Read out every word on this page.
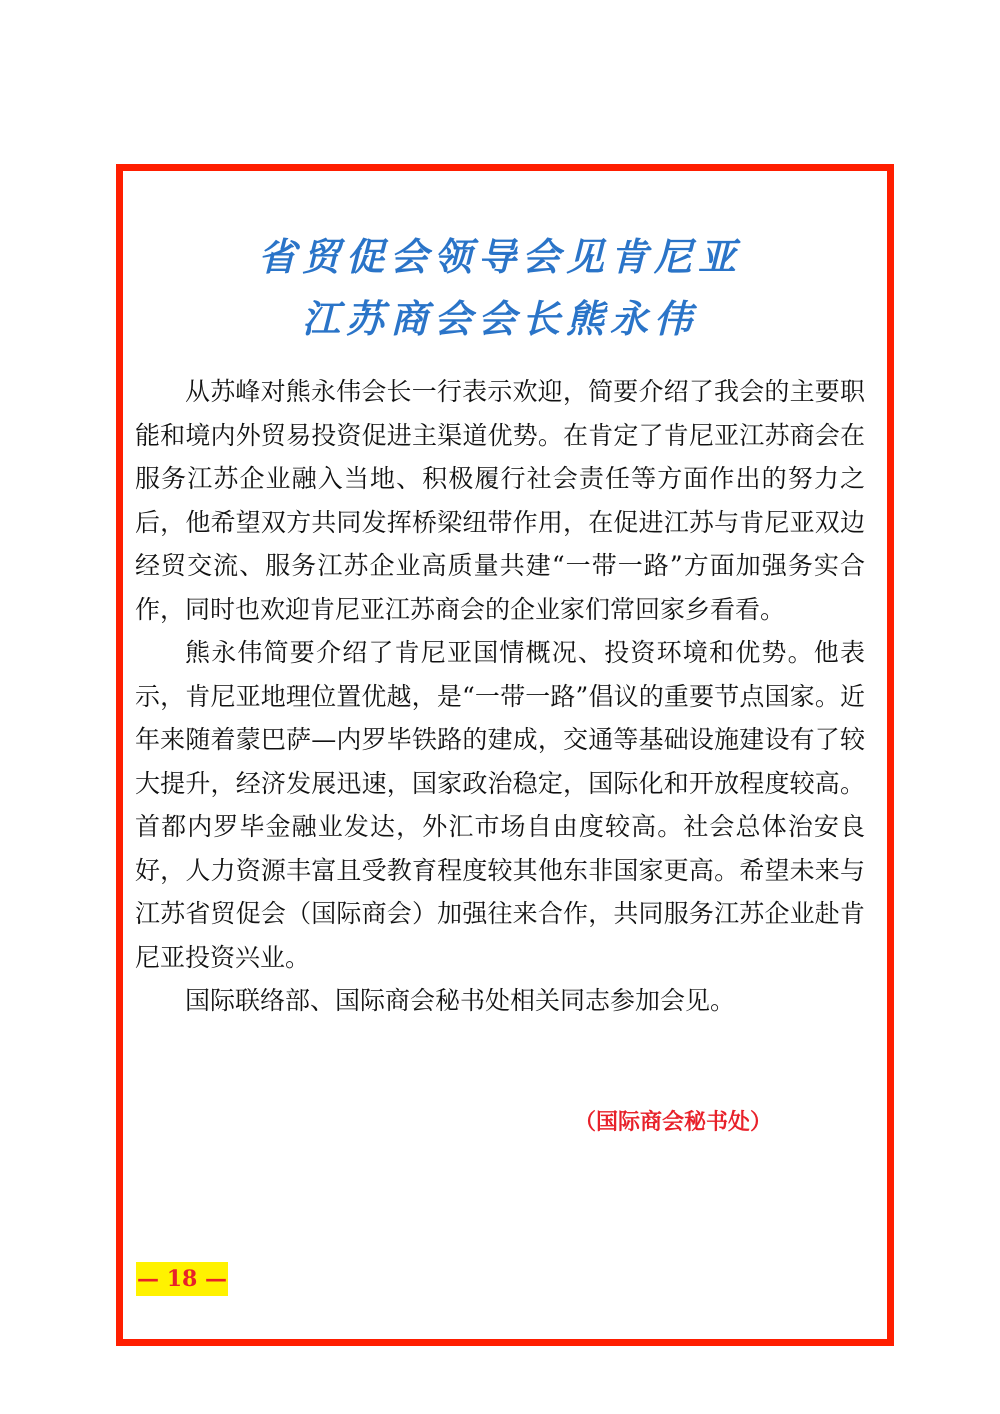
省贸促会领导会见肯尼亚
江苏商会会长熊永伟

从苏峰对熊永伟会长一行表示欢迎，简要介绍了我会的主要职能和境内外贸易投资促进主渠道优势。在肯定了肯尼亚江苏商会在服务江苏企业融入当地、积极履行社会责任等方面作出的努力之后，他希望双方共同发挥桥梁纽带作用，在促进江苏与肯尼亚双边经贸交流、服务江苏企业高质量共建“一带一路”方面加强务实合作，同时也欢迎肯尼亚江苏商会的企业家们常回家乡看看。

熊永伟简要介绍了肯尼亚国情概况、投资环境和优势。他表示，肯尼亚地理位置优越，是“一带一路”倡议的重要节点国家。近年来随着蒙巴萨—内罗毕铁路的建成，交通等基础设施建设有了较大提升，经济发展迅速，国家政治稳定，国际化和开放程度较高。首都内罗毕金融业发达，外汇市场自由度较高。社会总体治安良好，人力资源丰富且受教育程度较其他东非国家更高。希望未来与江苏省贸促会（国际商会）加强往来合作，共同服务江苏企业赴肯尼亚投资兴业。

国际联络部、国际商会秘书处相关同志参加会见。

（国际商会秘书处）
— 18 —
